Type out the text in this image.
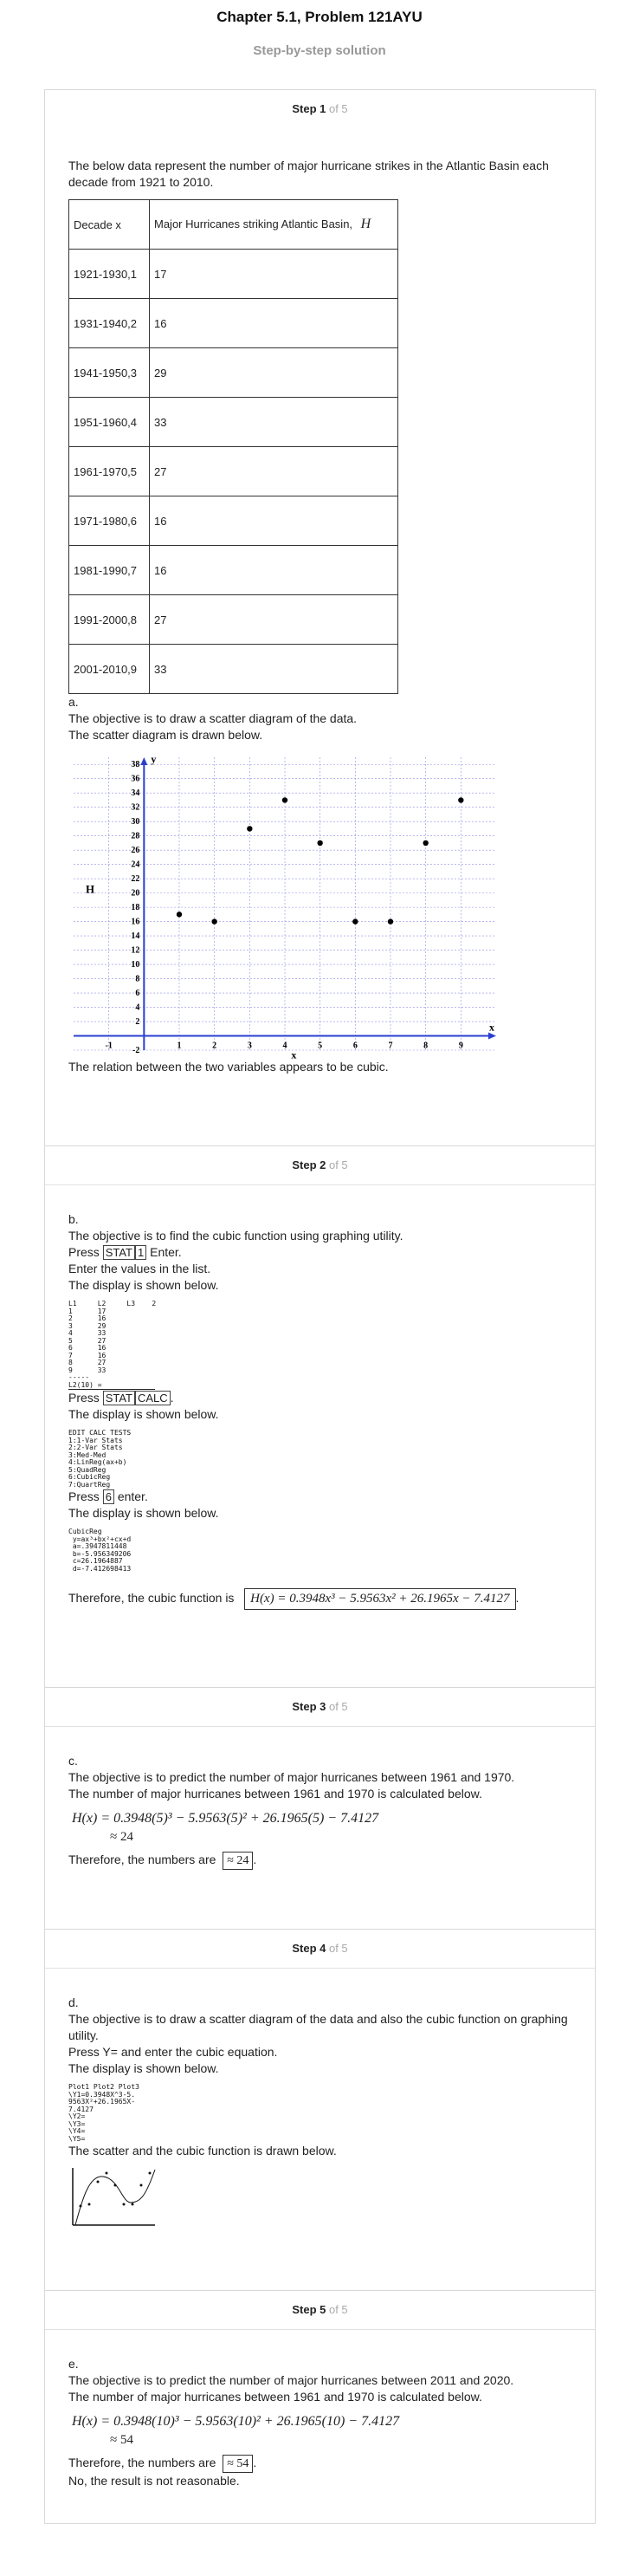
Chapter 5.1, Problem 121AYU
Step-by-step solution
Step 1 of 5

The below data represent the number of major hurricane strikes in the Atlantic Basin each decade from 1921 to 2010.

Decade x	Major Hurricanes striking Atlantic Basin, H
1921-1930,1	17
1931-1940,2	16
1941-1950,3	29
1951-1960,4	33
1961-1970,5	27
1971-1980,6	16
1981-1990,7	16
1991-2000,8	27
2001-2010,9	33

a.

The objective is to draw a scatter diagram of the data.

The scatter diagram is drawn below.

-1	1	2	3	4	5	6	7	8	9
-2
2
4
6
8
10
12
14
16
18
20
22
24
26
28
30
32
34
36
38
x
x
y
H

The relation between the two variables appears to be cubic.

Step 2 of 5

b.

The objective is to find the cubic function using graphing utility.

Press STAT 1 Enter.

Enter the values in the list.

The display is shown below.

L1     L2     L3    2
1      17
2      16
3      29
4      33
5      27
6      16
7      16
8      27
9      33
-----
L2(10) =

Press STAT CALC .

The display is shown below.

EDIT CALC TESTS
1:1-Var Stats
2:2-Var Stats
3:Med-Med
4:LinReg(ax+b)
5:QuadReg
6:CubicReg
7:QuartReg

Press 6 enter.

The display is shown below.

CubicReg
y=ax³+bx²+cx+d
a=.3947811448
b=-5.956349206
c=26.1964887
d=-7.412698413

Therefore, the cubic function is H(x) = 0.3948x³ − 5.9563x² + 26.1965x − 7.4127 .

Step 3 of 5

c.

The objective is to predict the number of major hurricanes between 1961 and 1970.

The number of major hurricanes between 1961 and 1970 is calculated below.

H(x) = 0.3948(5)³ − 5.9563(5)² + 26.1965(5) − 7.4127
≈ 24

Therefore, the numbers are ≈ 24 .

Step 4 of 5

d.

The objective is to draw a scatter diagram of the data and also the cubic function on graphing utility.

Press Y= and enter the cubic equation.

The display is shown below.

Plot1 Plot2 Plot3
\Y1=0.3948X^3-5.
9563X²+26.1965X-
7.4127
\Y2=
\Y3=
\Y4=
\Y5=

The scatter and the cubic function is drawn below.

Step 5 of 5

e.

The objective is to predict the number of major hurricanes between 2011 and 2020.

The number of major hurricanes between 1961 and 1970 is calculated below.

H(x) = 0.3948(10)³ − 5.9563(10)² + 26.1965(10) − 7.4127
≈ 54

Therefore, the numbers are ≈ 54 .

No, the result is not reasonable.
